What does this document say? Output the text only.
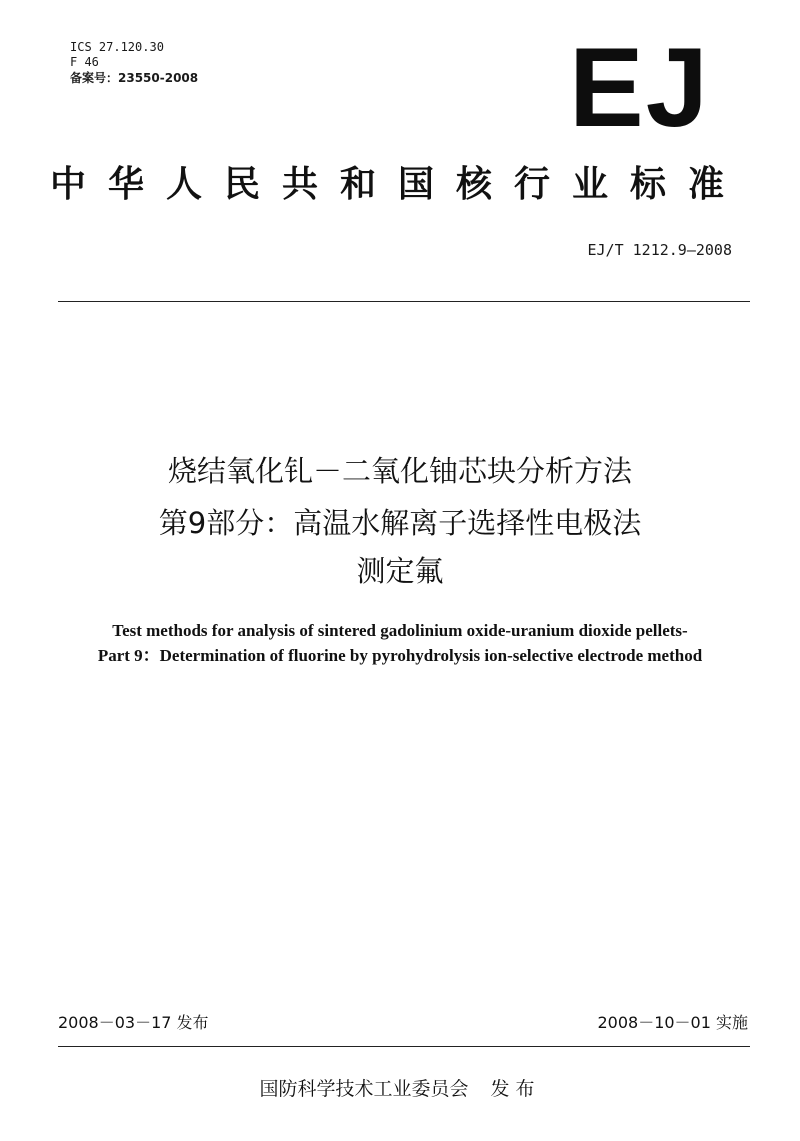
ICS 27.120.30
F 46
备案号：23550-2008	EJ
中华人民共和国核行业标准
EJ/T 1212.9—2008
烧结氧化钆－二氧化铀芯块分析方法
第9部分：高温水解离子选择性电极法
测定氟
Test methods for analysis of sintered gadolinium oxide-uranium dioxide pellets-
Part 9：Determination of fluorine by pyrohydrolysis ion-selective electrode method
2008－03－17 发布	2008－10－01 实施
国防科学技术工业委员会 发布
